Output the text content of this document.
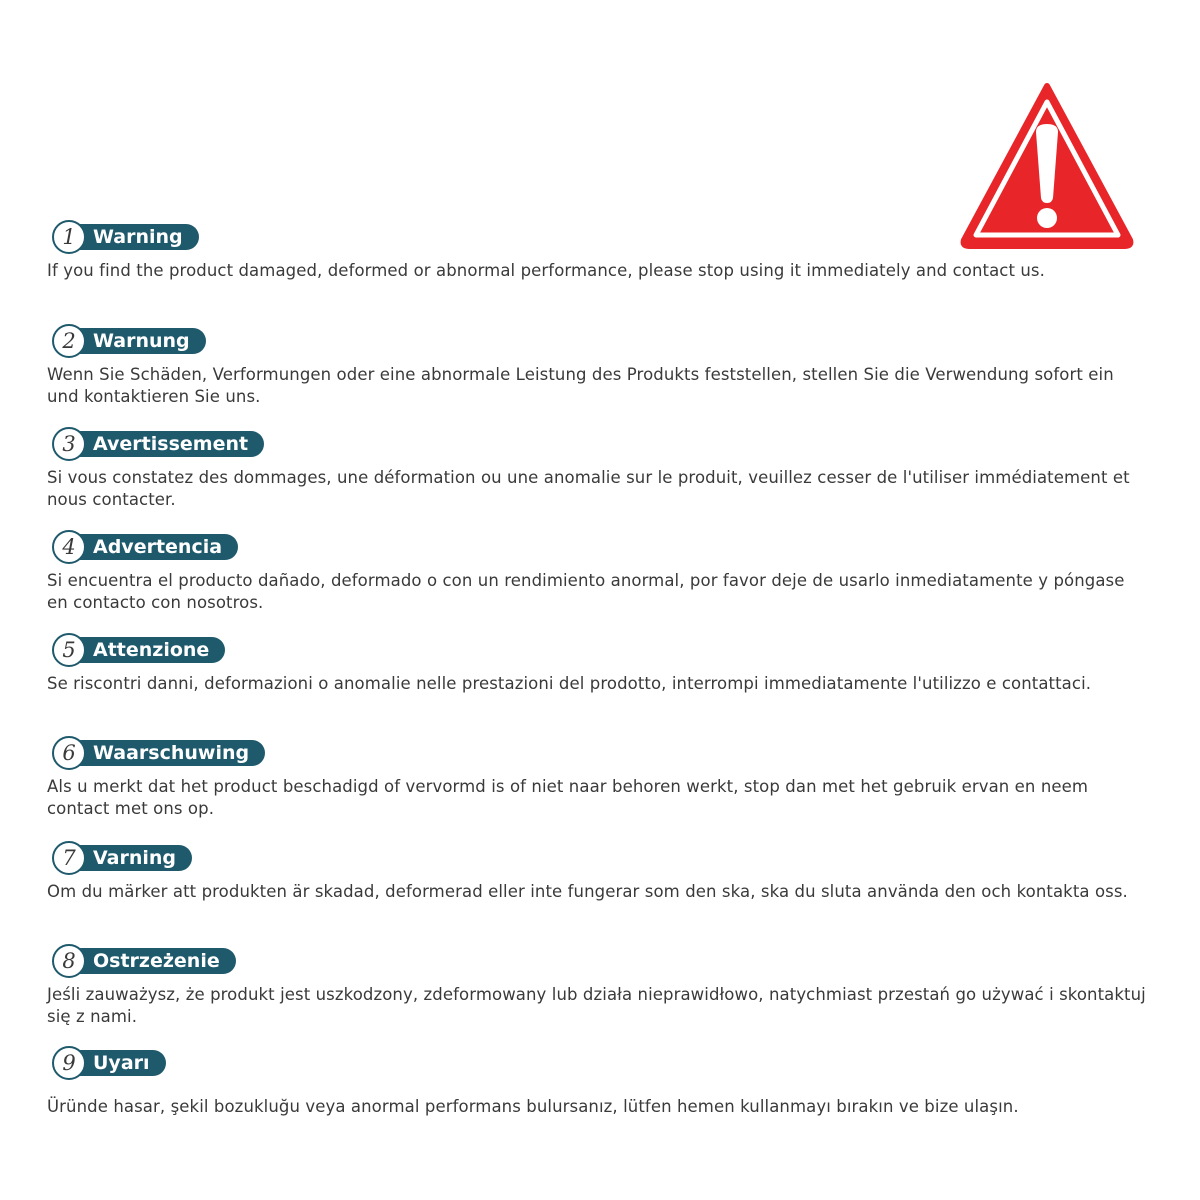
1 Warning

If you find the product damaged, deformed or abnormal performance, please stop using it immediately and contact us.

2 Warnung

Wenn Sie Schäden, Verformungen oder eine abnormale Leistung des Produkts feststellen, stellen Sie die Verwendung sofort ein und kontaktieren Sie uns.

3 Avertissement

Si vous constatez des dommages, une déformation ou une anomalie sur le produit, veuillez cesser de l'utiliser immédiatement et nous contacter.

4 Advertencia

Si encuentra el producto dañado, deformado o con un rendimiento anormal, por favor deje de usarlo inmediatamente y póngase en contacto con nosotros.

5 Attenzione

Se riscontri danni, deformazioni o anomalie nelle prestazioni del prodotto, interrompi immediatamente l'utilizzo e contattaci.

6 Waarschuwing

Als u merkt dat het product beschadigd of vervormd is of niet naar behoren werkt, stop dan met het gebruik ervan en neem contact met ons op.

7 Varning

Om du märker att produkten är skadad, deformerad eller inte fungerar som den ska, ska du sluta använda den och kontakta oss.

8 Ostrzeżenie

Jeśli zauważysz, że produkt jest uszkodzony, zdeformowany lub działa nieprawidłowo, natychmiast przestań go używać i skontaktuj się z nami.

9 Uyarı

Üründe hasar, şekil bozukluğu veya anormal performans bulursanız, lütfen hemen kullanmayı bırakın ve bize ulaşın.
